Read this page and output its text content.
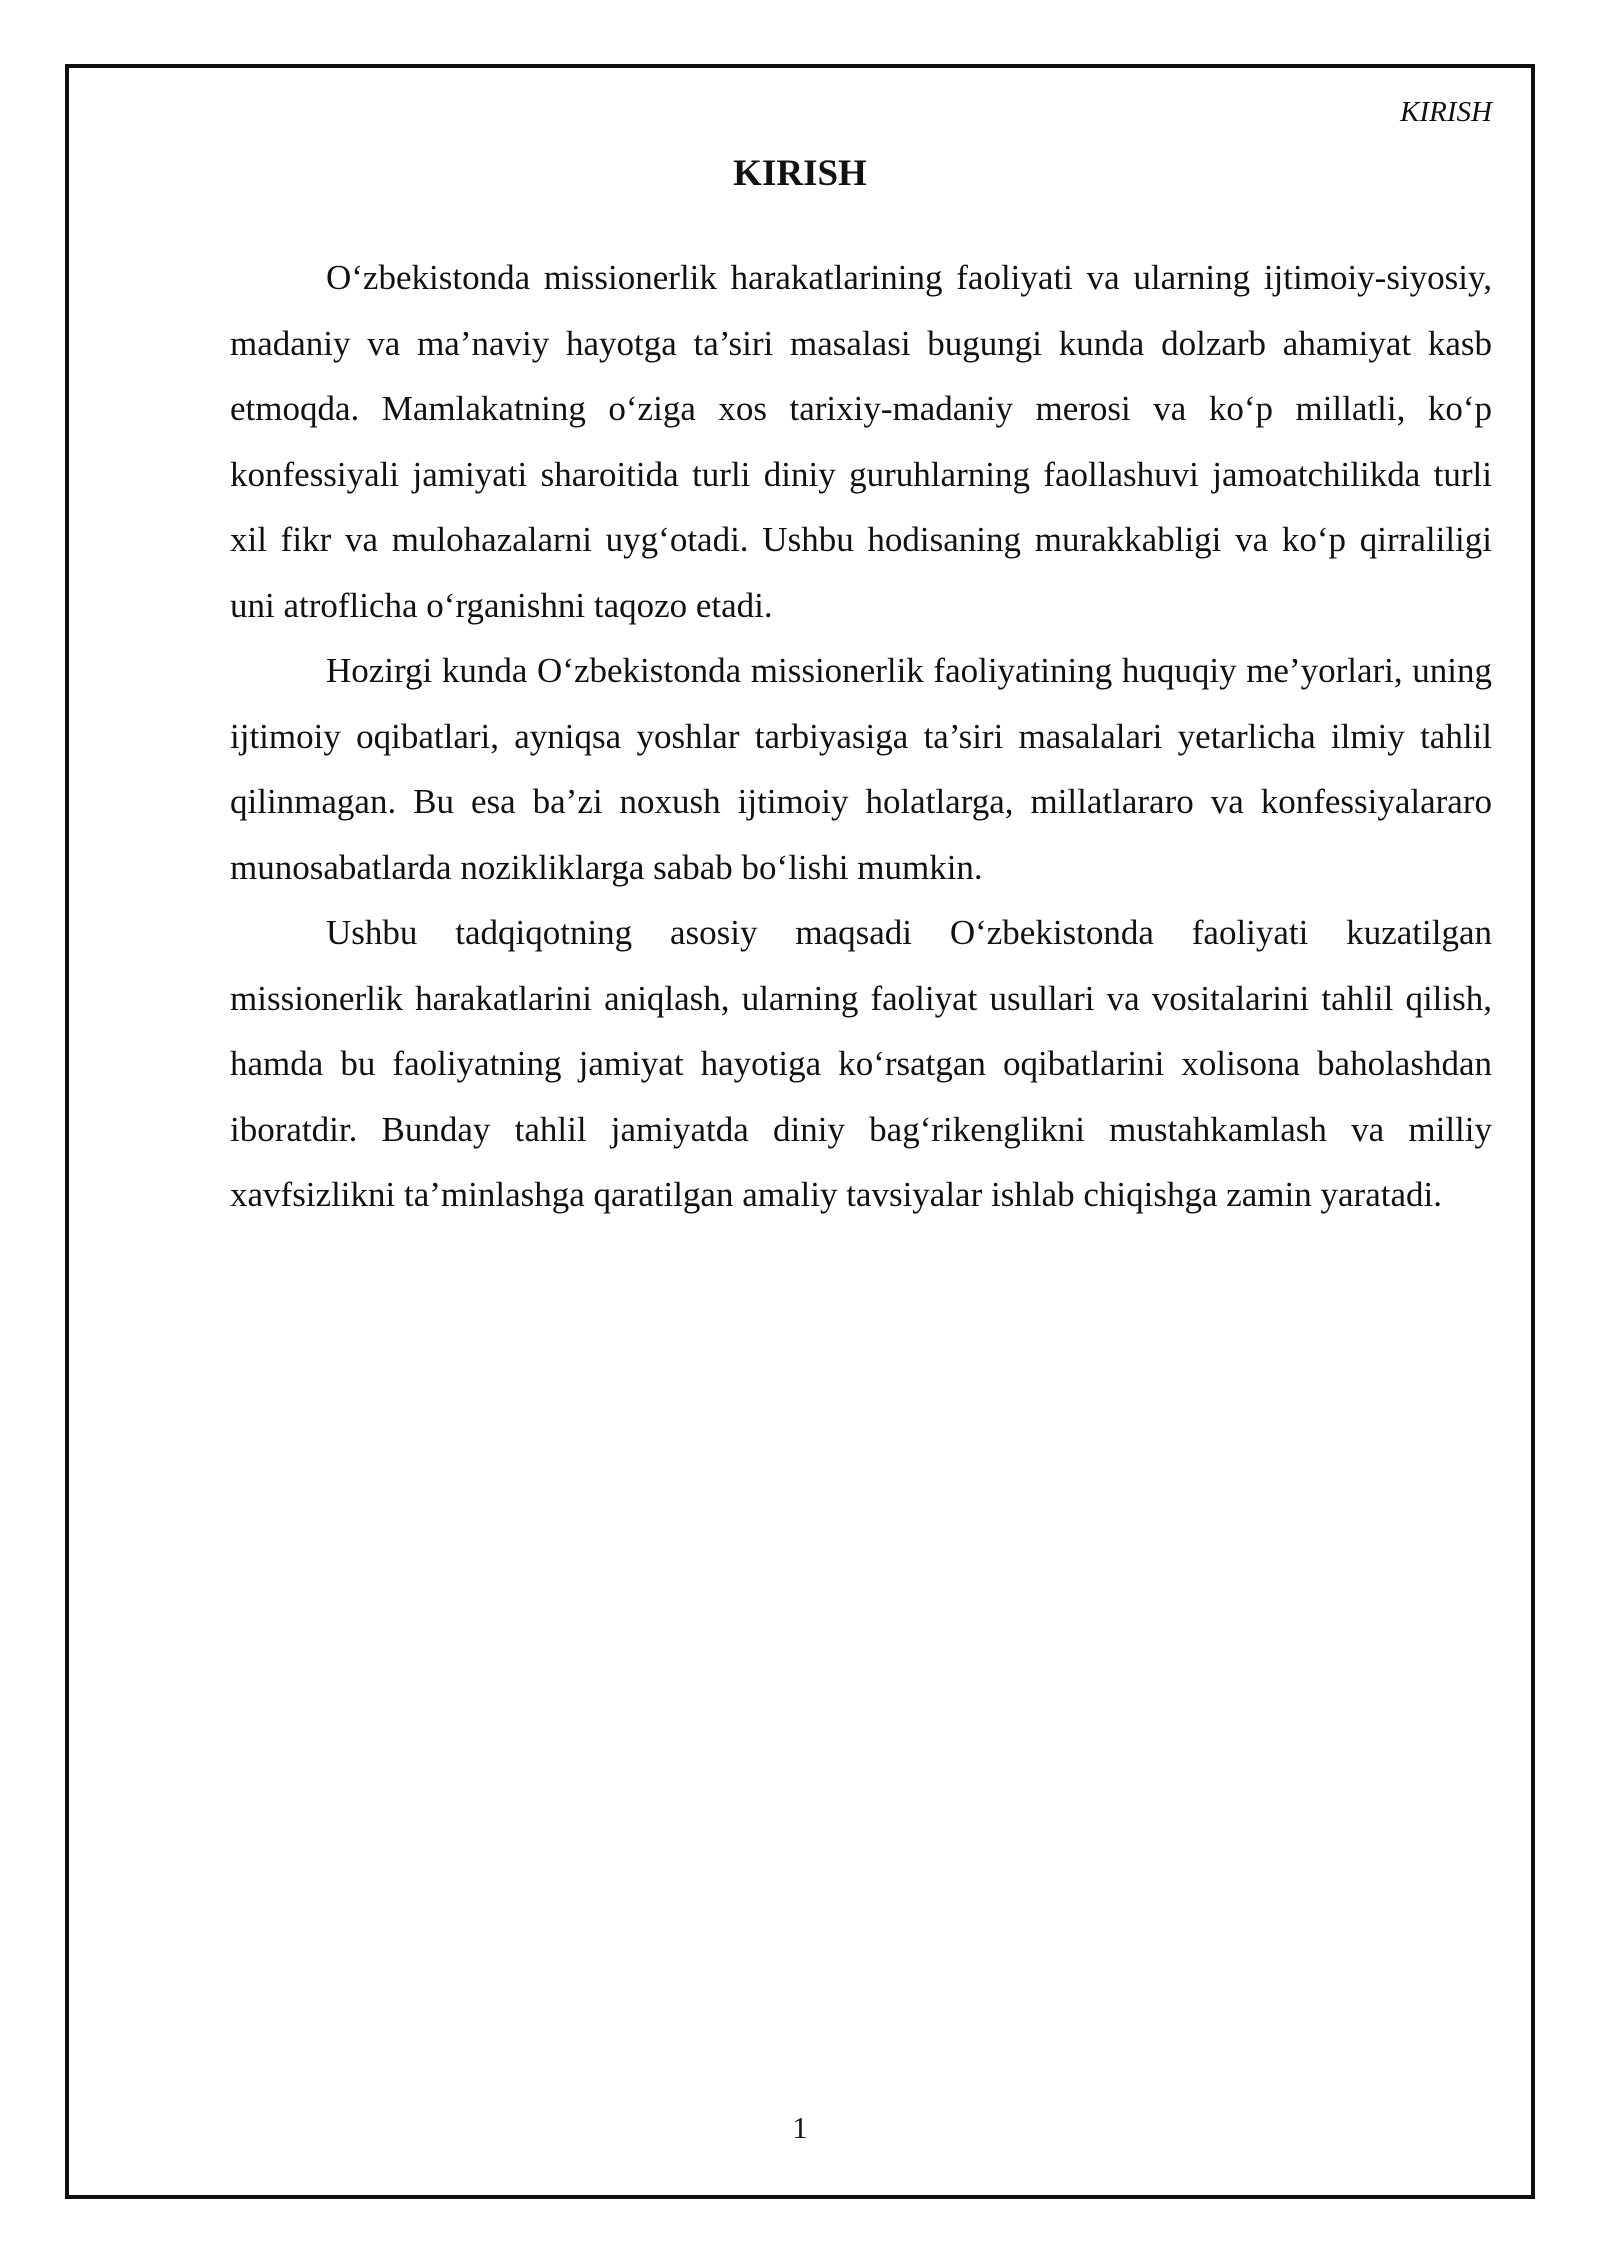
KIRISH
KIRISH

O‘zbekistonda missionerlik harakatlarining faoliyati va ularning ijtimoiy-siyosiy, madaniy va ma’naviy hayotga ta’siri masalasi bugungi kunda dolzarb ahamiyat kasb etmoqda. Mamlakatning o‘ziga xos tarixiy-madaniy merosi va ko‘p millatli, ko‘p konfessiyali jamiyati sharoitida turli diniy guruhlarning faollashuvi jamoatchilikda turli xil fikr va mulohazalarni uyg‘otadi. Ushbu hodisaning murakkabligi va ko‘p qirraliligi uni atroflicha o‘rganishni taqozo etadi.

Hozirgi kunda O‘zbekistonda missionerlik faoliyatining huquqiy me’yorlari, uning ijtimoiy oqibatlari, ayniqsa yoshlar tarbiyasiga ta’siri masalalari yetarlicha ilmiy tahlil qilinmagan. Bu esa ba’zi noxush ijtimoiy holatlarga, millatlararo va konfessiyalararo munosabatlarda nozikliklarga sabab bo‘lishi mumkin.

Ushbu tadqiqotning asosiy maqsadi O‘zbekistonda faoliyati kuzatilgan missionerlik harakatlarini aniqlash, ularning faoliyat usullari va vositalarini tahlil qilish, hamda bu faoliyatning jamiyat hayotiga ko‘rsatgan oqibatlarini xolisona baholashdan iboratdir. Bunday tahlil jamiyatda diniy bag‘rikenglikni mustahkamlash va milliy xavfsizlikni ta’minlashga qaratilgan amaliy tavsiyalar ishlab chiqishga zamin yaratadi.

1
